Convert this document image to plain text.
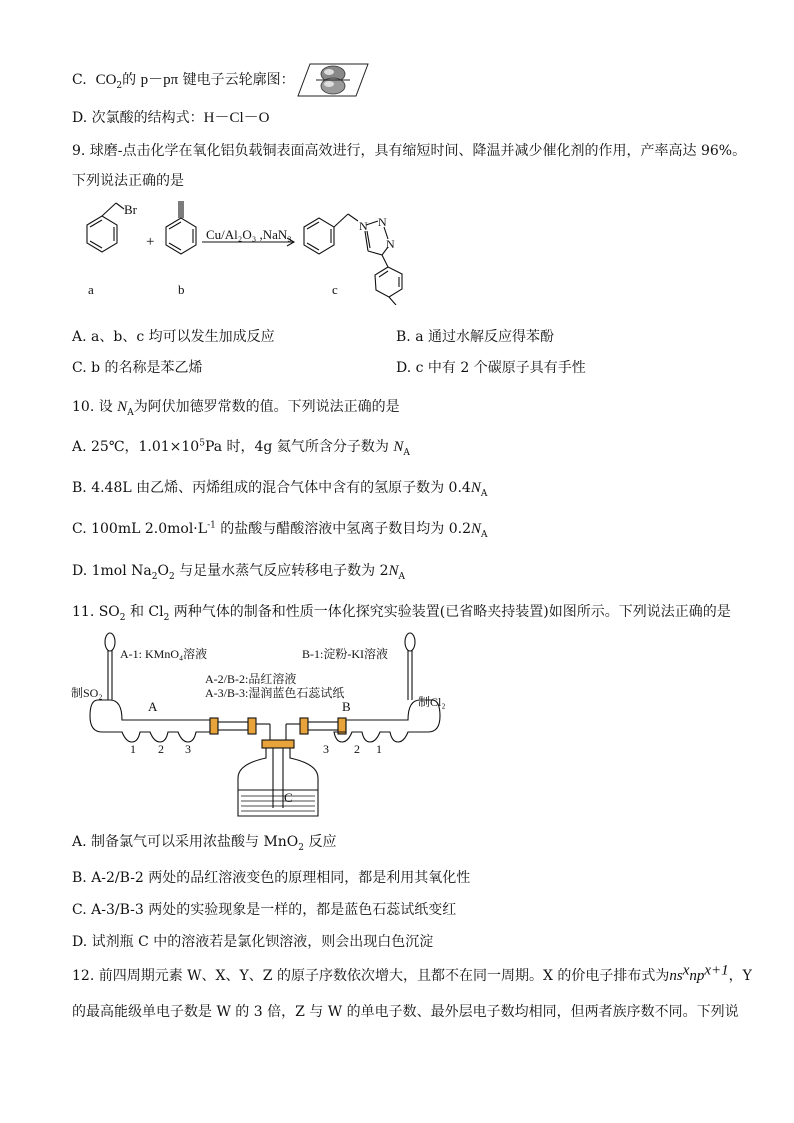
C. $CO_2$的 p－pπ 键电子云轮廓图：
D. 次氯酸的结构式：H－Cl－O
9. 球磨-点击化学在氧化铝负载铜表面高效进行，具有缩短时间、降温并减少催化剂的作用，产率高达 96%。
下列说法正确的是
N N
N
Br
+	Cu/Al₂O₃ ,NaN₃
a	b	c
A. a、b、c 均可以发生加成反应	B. a 通过水解反应得苯酚
C. b 的名称是苯乙烯	D. c 中有 2 个碳原子具有手性
10. 设 $N_A$为阿伏加德罗常数的值。下列说法正确的是
A. 25℃，$1.01\times 10^5Pa$ 时，4g 氦气所含分子数为 $N_A$
B. 4.48L 由乙烯、丙烯组成的混合气体中含有的氢原子数为 $0.4N_A$
C. 100mL $2.0mol\cdot L^{-1}$ 的盐酸与醋酸溶液中氢离子数目均为 $0.2N_A$
D. 1mol $Na_2O_2$ 与足量水蒸气反应转移电子数为 $2N_A$
11. $SO_2$ 和 $Cl_2$ 两种气体的制备和性质一体化探究实验装置(已省略夹持装置)如图所示。下列说法正确的是
A-1: KMnO₄溶液	B-1:淀粉-KI溶液
A-2/B-2:品红溶液
A-3/B-3:湿润蓝色石蕊试纸
制SO₂
制Cl₂
A	B
C
1 2 3	3 2 1
A. 制备氯气可以采用浓盐酸与 MnO$_2$ 反应
B. A-2/B-2 两处的品红溶液变色的原理相同，都是利用其氧化性
C. A-3/B-3 两处的实验现象是一样的，都是蓝色石蕊试纸变红
D. 试剂瓶 C 中的溶液若是氯化钡溶液，则会出现白色沉淀
12. 前四周期元素 W、X、Y、Z 的原子序数依次增大，且都不在同一周期。X 的价电子排布式为$ns^xnp^{x+1}$，Y
的最高能级单电子数是 W 的 3 倍，Z 与 W 的单电子数、最外层电子数均相同，但两者族序数不同。下列说
